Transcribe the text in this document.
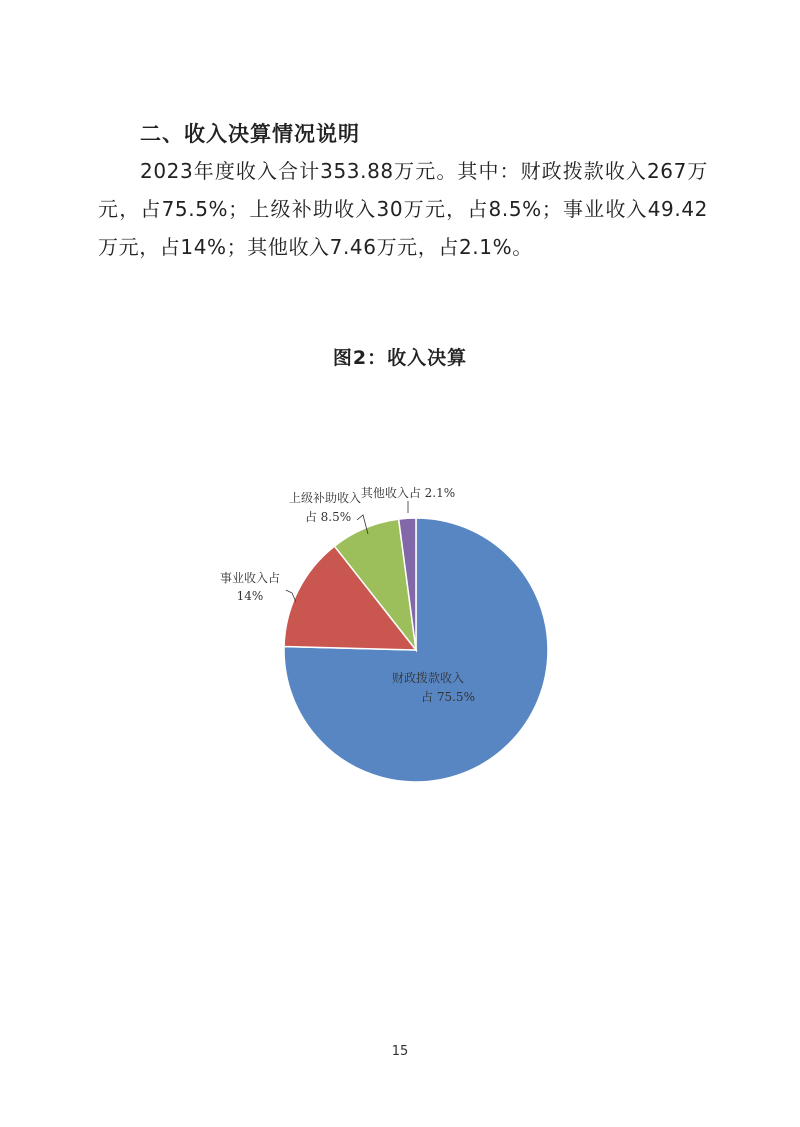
二、收入决算情况说明

2023年度收入合计353.88万元。其中：财政拨款收入267万元，占75.5%；上级补助收入30万元，占8.5%；事业收入49.42万元，占14%；其他收入7.46万元，占2.1%。

图2：收入决算
财政拨款收入
占 75.5%
事业收入占
14%
上级补助收入
占 8.5%
其他收入占 2.1%
15
